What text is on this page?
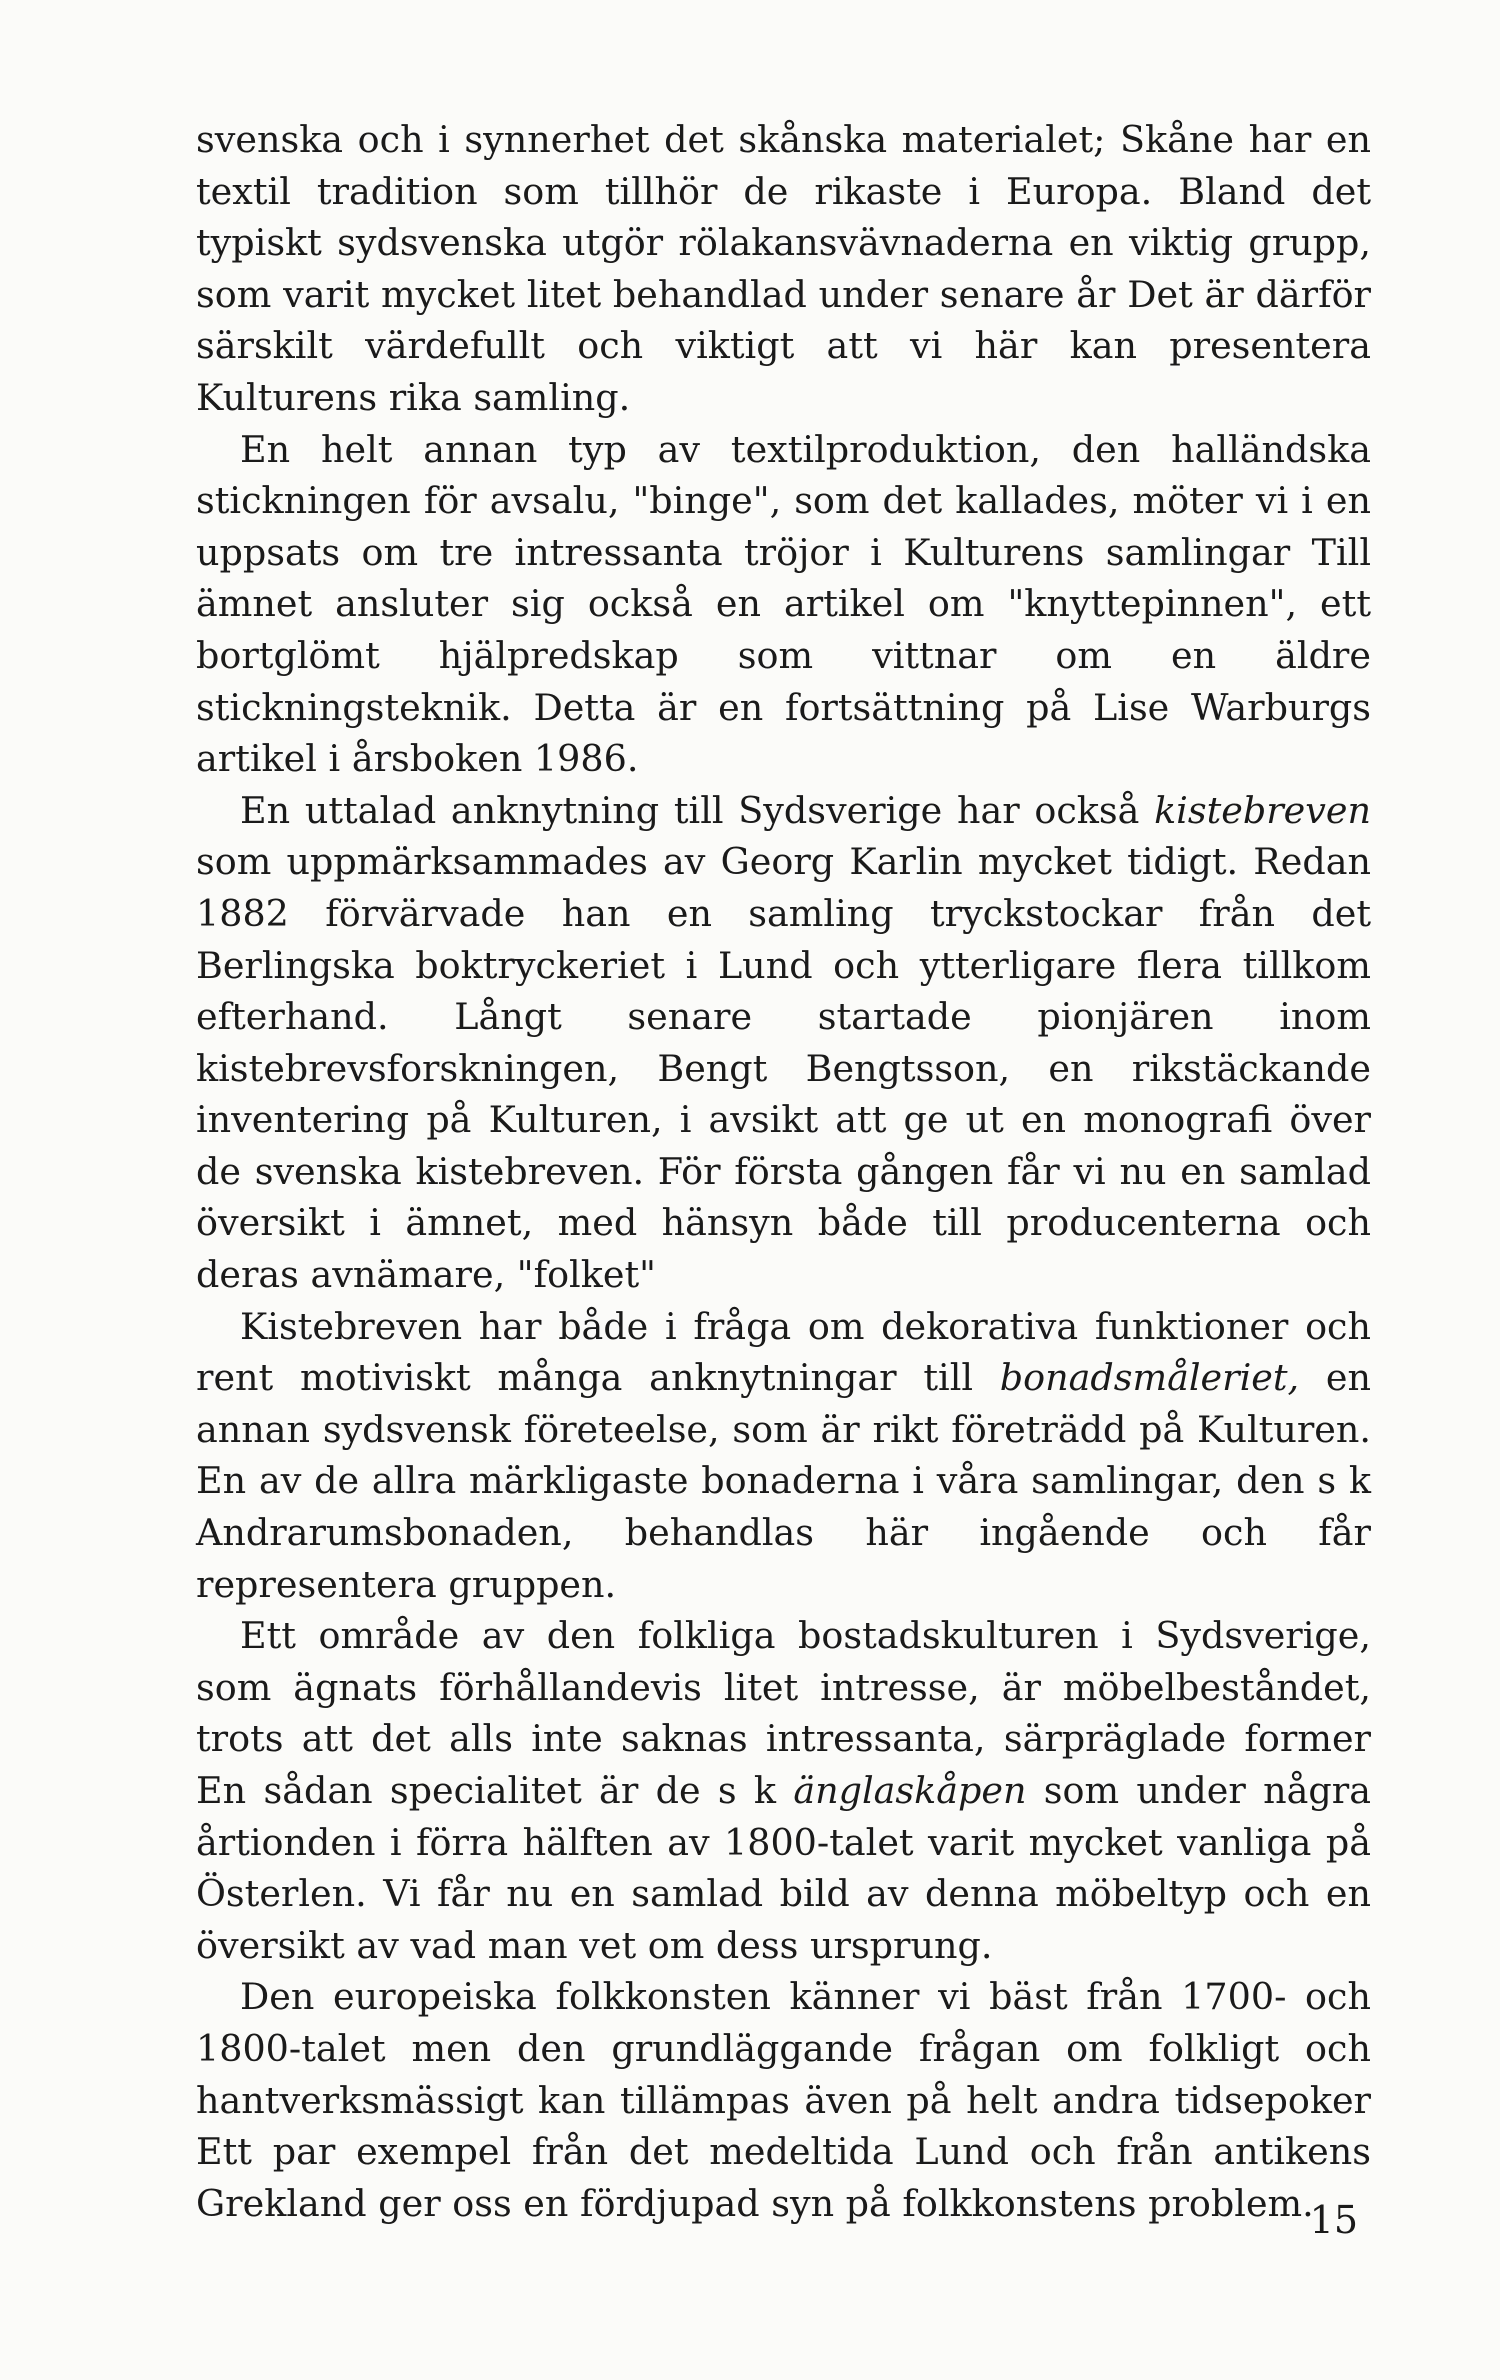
svenska och i synnerhet det skånska materialet; Skåne har en textil tradition som tillhör de rikaste i Europa. Bland det typiskt sydsvenska utgör rölakansvävnaderna en viktig grupp, som varit mycket litet behandlad under senare år Det är därför särskilt värdefullt och viktigt att vi här kan presentera Kulturens rika samling.

En helt annan typ av textilproduktion, den halländska stickningen för avsalu, "binge", som det kallades, möter vi i en uppsats om tre intressanta tröjor i Kulturens samlingar Till ämnet ansluter sig också en artikel om "knyttepinnen", ett bortglömt hjälpredskap som vittnar om en äldre stickningsteknik. Detta är en fortsättning på Lise Warburgs artikel i årsboken 1986.

En uttalad anknytning till Sydsverige har också kistebreven som uppmärksammades av Georg Karlin mycket tidigt. Redan 1882 förvärvade han en samling tryckstockar från det Berlingska boktryckeriet i Lund och ytterligare flera tillkom efterhand. Långt senare startade pionjären inom kistebrevsforskningen, Bengt Bengtsson, en rikstäckande inventering på Kulturen, i avsikt att ge ut en monografi över de svenska kistebreven. För första gången får vi nu en samlad översikt i ämnet, med hänsyn både till producenterna och deras avnämare, "folket"

Kistebreven har både i fråga om dekorativa funktioner och rent motiviskt många anknytningar till bonadsmåleriet, en annan sydsvensk företeelse, som är rikt företrädd på Kulturen. En av de allra märkligaste bonaderna i våra samlingar, den s k Andrarumsbonaden, behandlas här ingående och får representera gruppen.

Ett område av den folkliga bostadskulturen i Sydsverige, som ägnats förhållandevis litet intresse, är möbelbeståndet, trots att det alls inte saknas intressanta, särpräglade former En sådan specialitet är de s k änglaskåpen som under några årtionden i förra hälften av 1800-talet varit mycket vanliga på Österlen. Vi får nu en samlad bild av denna möbeltyp och en översikt av vad man vet om dess ursprung.

Den europeiska folkkonsten känner vi bäst från 1700- och 1800-talet men den grundläggande frågan om folkligt och hantverksmässigt kan tillämpas även på helt andra tidsepoker Ett par exempel från det medeltida Lund och från antikens Grekland ger oss en fördjupad syn på folkkonstens problem.

15
